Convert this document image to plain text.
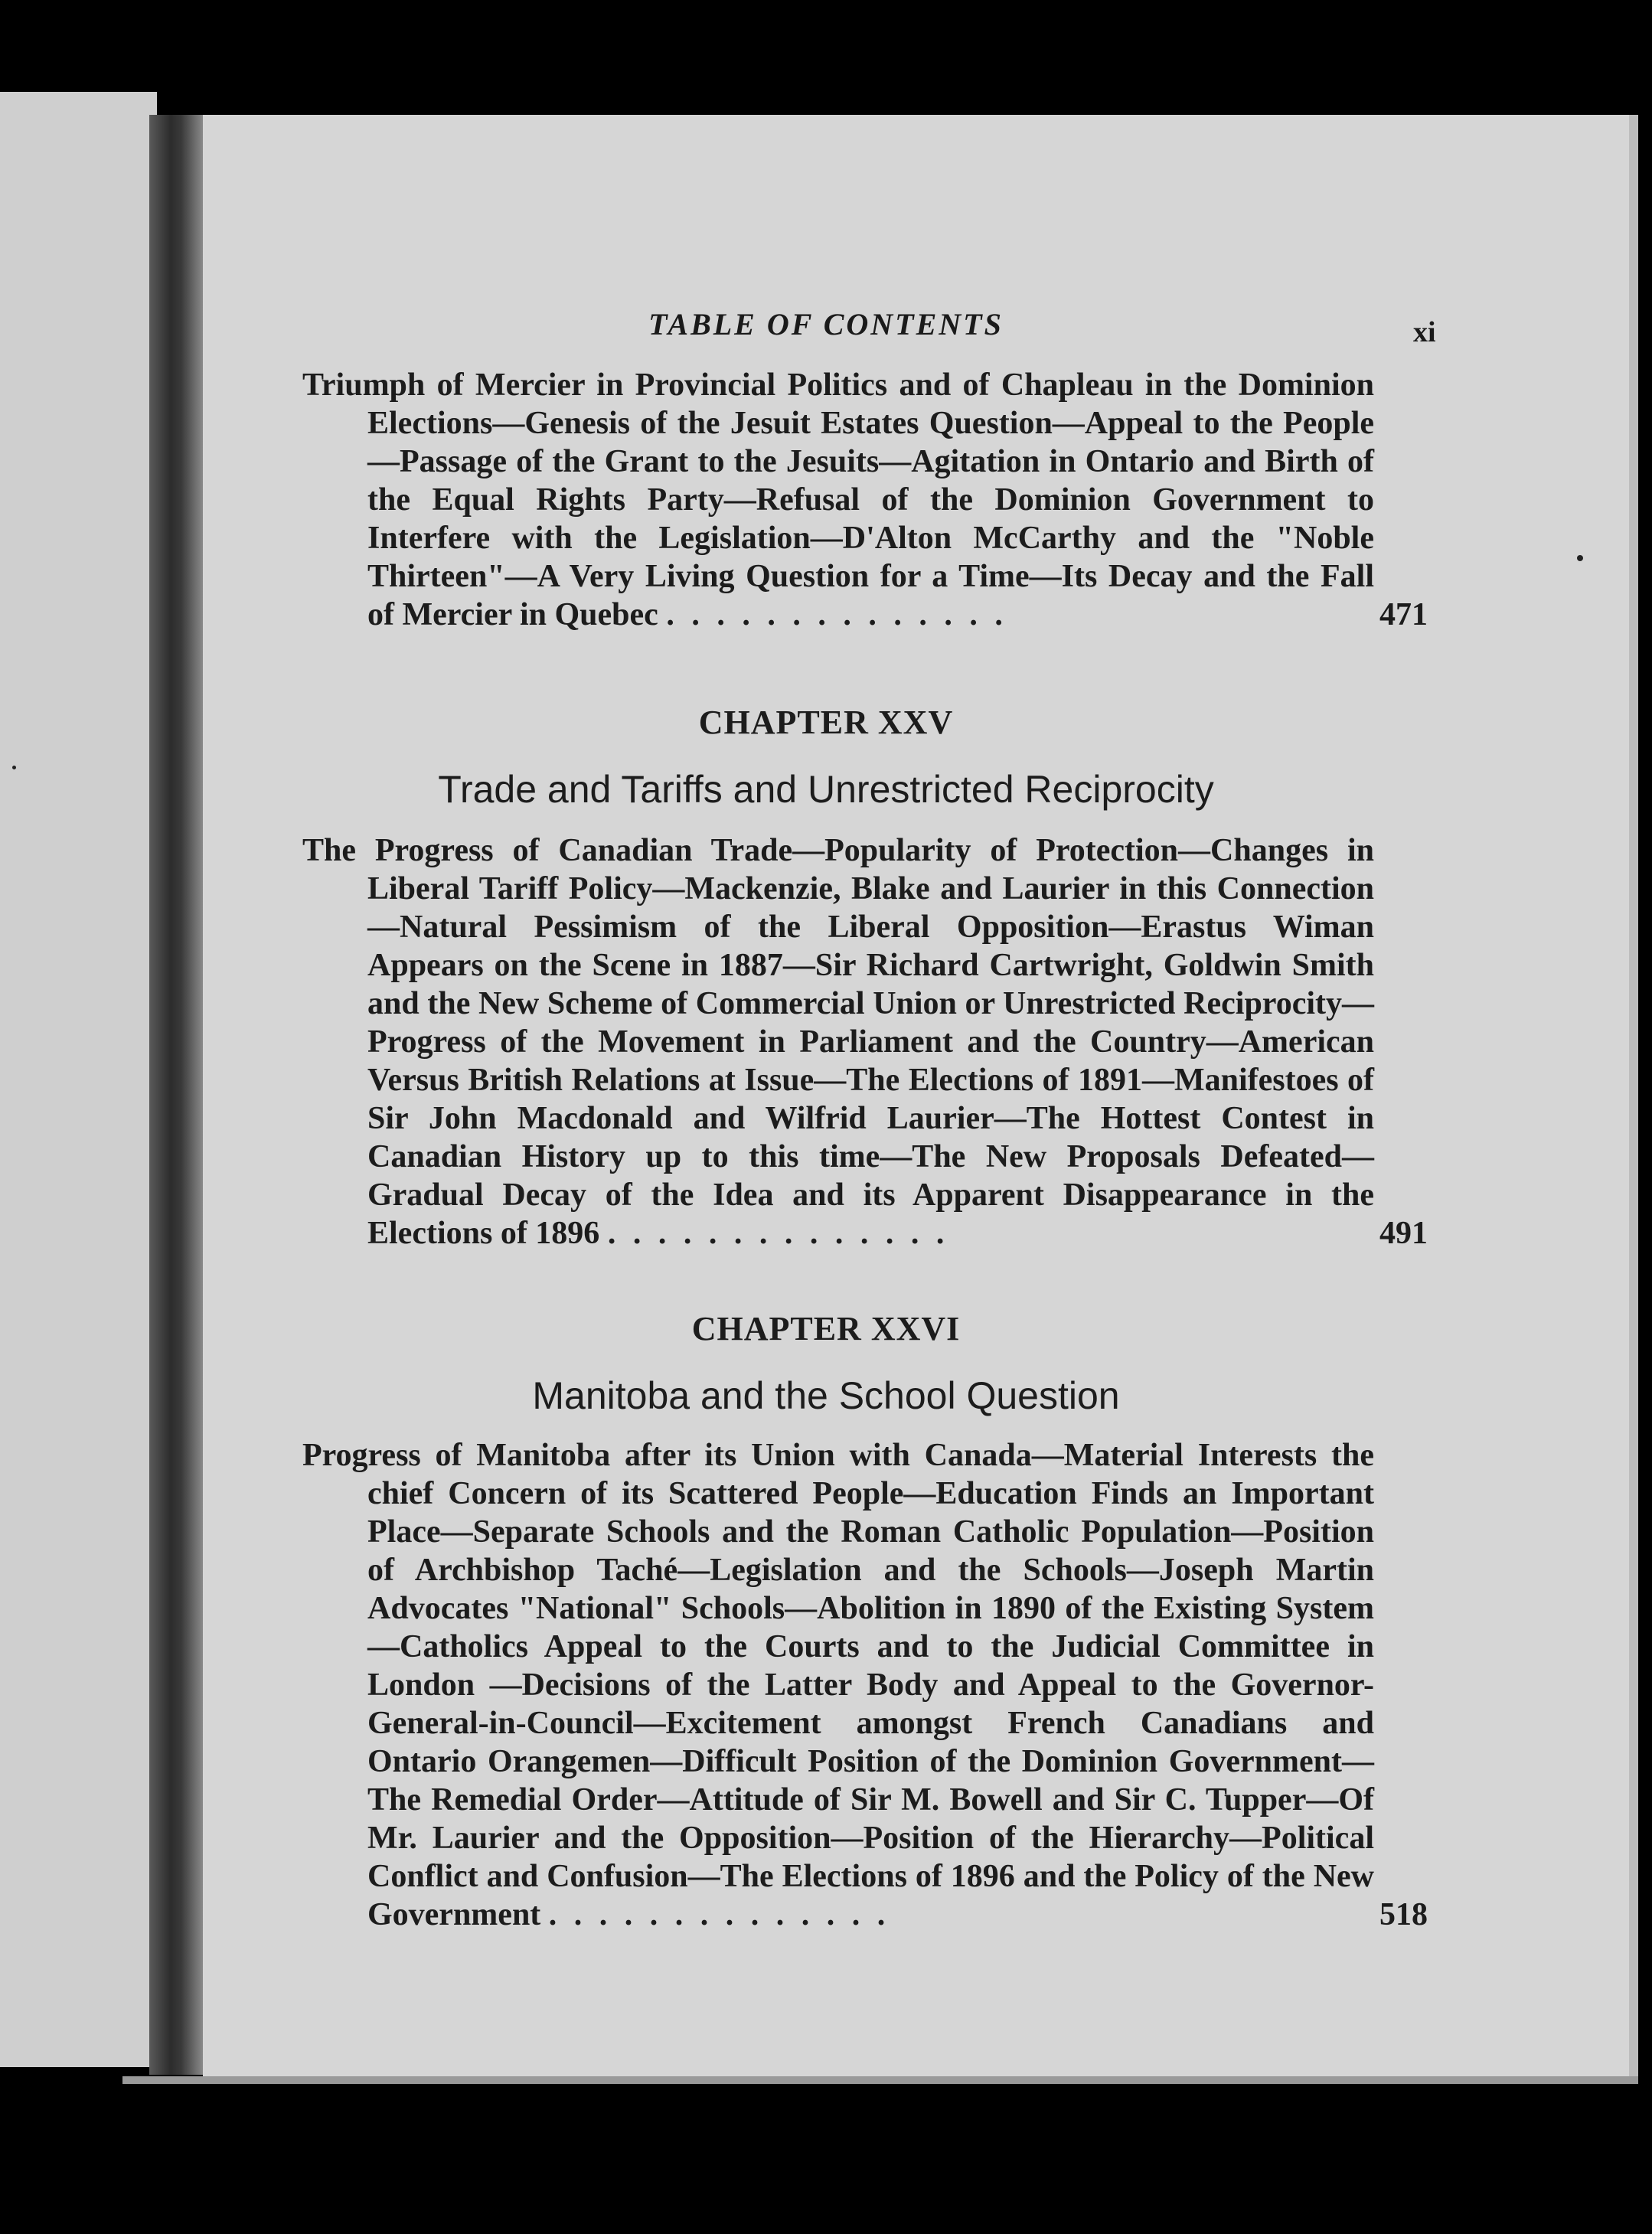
TABLE OF CONTENTS	xi
Triumph of Mercier in Provincial Politics and of Chapleau in the Dominion Elections—Genesis of the Jesuit Estates Question—Appeal to the People—Passage of the Grant to the Jesuits—Agitation in Ontario and Birth of the Equal Rights Party—Refusal of the Dominion Government to Interfere with the Legislation—D'Alton McCarthy and the "Noble Thirteen"—A Very Living Question for a Time—Its Decay and the Fall of Mercier in Quebec . . . . . . . . . . . . . .	471
CHAPTER XXV
Trade and Tariffs and Unrestricted Reciprocity
The Progress of Canadian Trade—Popularity of Protection—Changes in Liberal Tariff Policy—Mackenzie, Blake and Laurier in this Connection —Natural Pessimism of the Liberal Opposition—Erastus Wiman Appears on the Scene in 1887—Sir Richard Cartwright, Goldwin Smith and the New Scheme of Commercial Union or Unrestricted Reciprocity—Progress of the Movement in Parliament and the Country—American Versus British Relations at Issue—The Elections of 1891—Manifestoes of Sir John Macdonald and Wilfrid Laurier—The Hottest Contest in Canadian History up to this time—The New Proposals Defeated—Gradual Decay of the Idea and its Apparent Disappearance in the Elections of 1896 . . . . . . . . . . . . . .	491
CHAPTER XXVI
Manitoba and the School Question
Progress of Manitoba after its Union with Canada—Material Interests the chief Concern of its Scattered People—Education Finds an Important Place—Separate Schools and the Roman Catholic Population—Position of Archbishop Taché—Legislation and the Schools—Joseph Martin Advocates "National" Schools—Abolition in 1890 of the Existing System—Catholics Appeal to the Courts and to the Judicial Committee in London —Decisions of the Latter Body and Appeal to the Governor-General-in-Council—Excitement amongst French Canadians and Ontario Orangemen—Difficult Position of the Dominion Government—The Remedial Order—Attitude of Sir M. Bowell and Sir C. Tupper—Of Mr. Laurier and the Opposition—Position of the Hierarchy—Political Conflict and Confusion—The Elections of 1896 and the Policy of the New Government . . . . . . . . . . . . . .	518
